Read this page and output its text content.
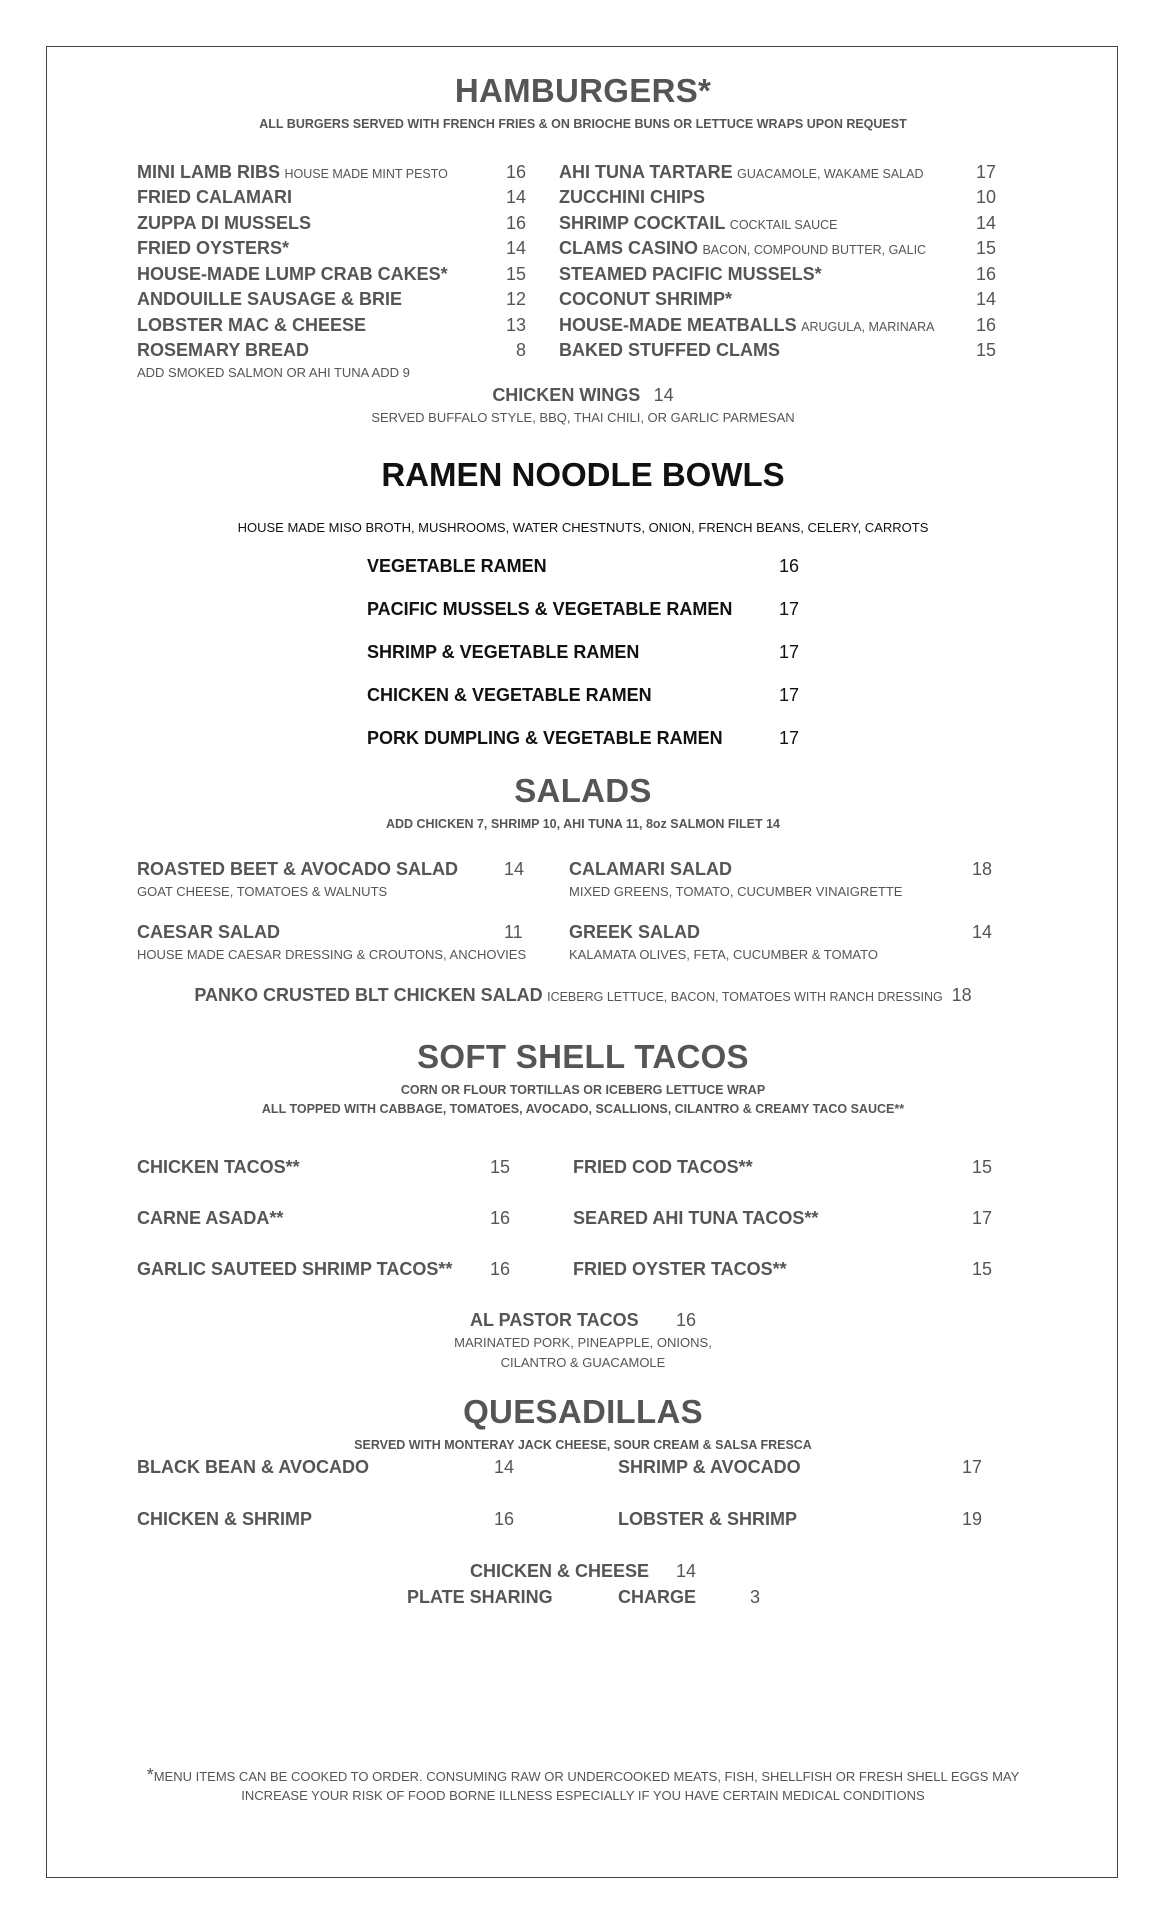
HAMBURGERS*
ALL BURGERS SERVED WITH FRENCH FRIES & ON BRIOCHE BUNS OR LETTUCE WRAPS UPON REQUEST
MINI LAMB RIBS HOUSE MADE MINT PESTO	16
FRIED CALAMARI	14
ZUPPA DI MUSSELS	16
FRIED OYSTERS*	14
HOUSE-MADE LUMP CRAB CAKES*	15
ANDOUILLE SAUSAGE & BRIE	12
LOBSTER MAC & CHEESE	13
ROSEMARY BREAD	8
ADD SMOKED SALMON OR AHI TUNA ADD 9
AHI TUNA TARTARE GUACAMOLE, WAKAME SALAD	17
ZUCCHINI CHIPS	10
SHRIMP COCKTAIL COCKTAIL SAUCE	14
CLAMS CASINO BACON, COMPOUND BUTTER, GALIC	15
STEAMED PACIFIC MUSSELS*	16
COCONUT SHRIMP*	14
HOUSE-MADE MEATBALLS ARUGULA, MARINARA	16
BAKED STUFFED CLAMS	15
CHICKEN WINGS 14
SERVED BUFFALO STYLE, BBQ, THAI CHILI, OR GARLIC PARMESAN
RAMEN NOODLE BOWLS
HOUSE MADE MISO BROTH, MUSHROOMS, WATER CHESTNUTS, ONION, FRENCH BEANS, CELERY, CARROTS
VEGETABLE RAMEN	16
PACIFIC MUSSELS & VEGETABLE RAMEN	17
SHRIMP & VEGETABLE RAMEN	17
CHICKEN & VEGETABLE RAMEN	17
PORK DUMPLING & VEGETABLE RAMEN	17
SALADS
ADD CHICKEN 7, SHRIMP 10, AHI TUNA 11, 8oz SALMON FILET 14
ROASTED BEET & AVOCADO SALAD	14
GOAT CHEESE, TOMATOES & WALNUTS
CAESAR SALAD	11
HOUSE MADE CAESAR DRESSING & CROUTONS, ANCHOVIES
CALAMARI SALAD	18
MIXED GREENS, TOMATO, CUCUMBER VINAIGRETTE
GREEK SALAD	14
KALAMATA OLIVES, FETA, CUCUMBER & TOMATO
PANKO CRUSTED BLT CHICKEN SALAD ICEBERG LETTUCE, BACON, TOMATOES WITH RANCH DRESSING 18
SOFT SHELL TACOS
CORN OR FLOUR TORTILLAS OR ICEBERG LETTUCE WRAP
ALL TOPPED WITH CABBAGE, TOMATOES, AVOCADO, SCALLIONS, CILANTRO & CREAMY TACO SAUCE**
CHICKEN TACOS**	15
CARNE ASADA**	16
GARLIC SAUTEED SHRIMP TACOS** 16
FRIED COD TACOS**	15
SEARED AHI TUNA TACOS**	17
FRIED OYSTER TACOS**	15
AL PASTOR TACOS 16
MARINATED PORK, PINEAPPLE, ONIONS,
CILANTRO & GUACAMOLE
QUESADILLAS
SERVED WITH MONTERAY JACK CHEESE, SOUR CREAM & SALSA FRESCA
BLACK BEAN & AVOCADO	14
CHICKEN & SHRIMP	16
SHRIMP & AVOCADO	17
LOBSTER & SHRIMP	19
CHICKEN & CHEESE 14
PLATE SHARING	CHARGE	3
*MENU ITEMS CAN BE COOKED TO ORDER. CONSUMING RAW OR UNDERCOOKED MEATS, FISH, SHELLFISH OR FRESH SHELL EGGS MAY
INCREASE YOUR RISK OF FOOD BORNE ILLNESS ESPECIALLY IF YOU HAVE CERTAIN MEDICAL CONDITIONS
